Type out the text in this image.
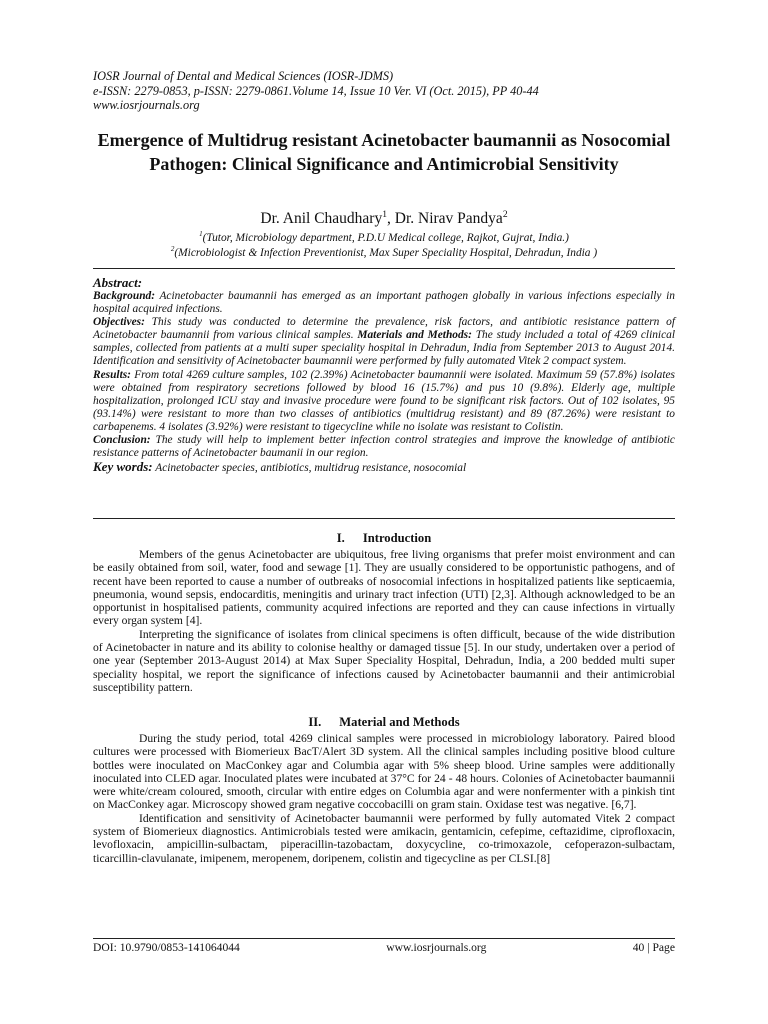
IOSR Journal of Dental and Medical Sciences (IOSR-JDMS)
e-ISSN: 2279-0853, p-ISSN: 2279-0861.Volume 14, Issue 10 Ver. VI (Oct. 2015), PP 40-44
www.iosrjournals.org
Emergence of Multidrug resistant Acinetobacter baumannii as Nosocomial Pathogen: Clinical Significance and Antimicrobial Sensitivity
Dr. Anil Chaudhary$^1$, Dr. Nirav Pandya$^2$
$^1$(Tutor, Microbiology department, P.D.U Medical college, Rajkot, Gujrat, India.)
$^2$(Microbiologist & Infection Preventionist, Max Super Speciality Hospital, Dehradun, India )
Abstract:

Background: Acinetobacter baumannii has emerged as an important pathogen globally in various infections especially in hospital acquired infections.

Objectives: This study was conducted to determine the prevalence, risk factors, and antibiotic resistance pattern of Acinetobacter baumannii from various clinical samples. Materials and Methods: The study included a total of 4269 clinical samples, collected from patients at a multi super speciality hospital in Dehradun, India from September 2013 to August 2014. Identification and sensitivity of Acinetobacter baumannii were performed by fully automated Vitek 2 compact system.

Results: From total 4269 culture samples, 102 (2.39%) Acinetobacter baumannii were isolated. Maximum 59 (57.8%) isolates were obtained from respiratory secretions followed by blood 16 (15.7%) and pus 10 (9.8%). Elderly age, multiple hospitalization, prolonged ICU stay and invasive procedure were found to be significant risk factors. Out of 102 isolates, 95 (93.14%) were resistant to more than two classes of antibiotics (multidrug resistant) and 89 (87.26%) were resistant to carbapenems. 4 isolates (3.92%) were resistant to tigecycline while no isolate was resistant to Colistin.

Conclusion: The study will help to implement better infection control strategies and improve the knowledge of antibiotic resistance patterns of Acinetobacter baumanii in our region.

Key words: Acinetobacter species, antibiotics, multidrug resistance, nosocomial

I. Introduction

Members of the genus Acinetobacter are ubiquitous, free living organisms that prefer moist environment and can be easily obtained from soil, water, food and sewage [1]. They are usually considered to be opportunistic pathogens, and of recent have been reported to cause a number of outbreaks of nosocomial infections in hospitalized patients like septicaemia, pneumonia, wound sepsis, endocarditis, meningitis and urinary tract infection (UTI) [2,3]. Although acknowledged to be an opportunist in hospitalised patients, community acquired infections are reported and they can cause infections in virtually every organ system [4].

Interpreting the significance of isolates from clinical specimens is often difficult, because of the wide distribution of Acinetobacter in nature and its ability to colonise healthy or damaged tissue [5]. In our study, undertaken over a period of one year (September 2013-August 2014) at Max Super Speciality Hospital, Dehradun, India, a 200 bedded multi super speciality hospital, we report the significance of infections caused by Acinetobacter baumannii and their antimicrobial susceptibility pattern.

II. Material and Methods

During the study period, total 4269 clinical samples were processed in microbiology laboratory. Paired blood cultures were processed with Biomerieux BacT/Alert 3D system. All the clinical samples including positive blood culture bottles were inoculated on MacConkey agar and Columbia agar with 5% sheep blood. Urine samples were additionally inoculated into CLED agar. Inoculated plates were incubated at 37°C for 24 - 48 hours. Colonies of Acinetobacter baumannii were white/cream coloured, smooth, circular with entire edges on Columbia agar and were nonfermenter with a pinkish tint on MacConkey agar. Microscopy showed gram negative coccobacilli on gram stain. Oxidase test was negative. [6,7].

Identification and sensitivity of Acinetobacter baumannii were performed by fully automated Vitek 2 compact system of Biomerieux diagnostics. Antimicrobials tested were amikacin, gentamicin, cefepime, ceftazidime, ciprofloxacin, levofloxacin, ampicillin-sulbactam, piperacillin-tazobactam, doxycycline, co-trimoxazole, cefoperazon-sulbactam, ticarcillin-clavulanate, imipenem, meropenem, doripenem, colistin and tigecycline as per CLSI.[8]

DOI: 10.9790/0853-141064044	www.iosrjournals.org	40 | Page
